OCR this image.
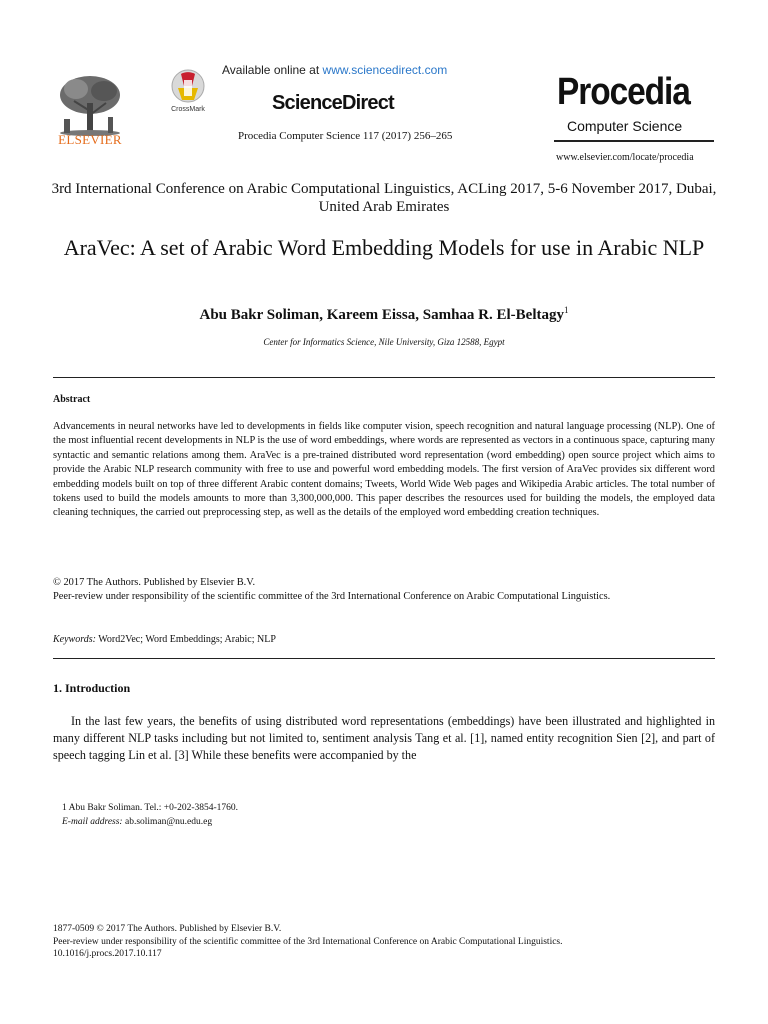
ELSEVIER
CrossMark
Available online at www.sciencedirect.com
ScienceDirect
Procedia Computer Science 117 (2017) 256–265
Procedia
Computer Science
www.elsevier.com/locate/procedia
3rd International Conference on Arabic Computational Linguistics, ACLing 2017, 5-6 November 2017, Dubai, United Arab Emirates
AraVec: A set of Arabic Word Embedding Models for use in Arabic NLP
Abu Bakr Soliman, Kareem Eissa, Samhaa R. El-Beltagy$^1$
Center for Informatics Science, Nile University, Giza 12588, Egypt
Abstract
Advancements in neural networks have led to developments in fields like computer vision, speech recognition and natural language processing (NLP). One of the most influential recent developments in NLP is the use of word embeddings, where words are represented as vectors in a continuous space, capturing many syntactic and semantic relations among them. AraVec is a pre-trained distributed word representation (word embedding) open source project which aims to provide the Arabic NLP research community with free to use and powerful word embedding models. The first version of AraVec provides six different word embedding models built on top of three different Arabic content domains; Tweets, World Wide Web pages and Wikipedia Arabic articles. The total number of tokens used to build the models amounts to more than 3,300,000,000. This paper describes the resources used for building the models, the employed data cleaning techniques, the carried out preprocessing step, as well as the details of the employed word embedding creation techniques.
© 2017 The Authors. Published by Elsevier B.V.
Peer-review under responsibility of the scientific committee of the 3rd International Conference on Arabic Computational Linguistics.
Keywords: Word2Vec; Word Embeddings; Arabic; NLP
1. Introduction
In the last few years, the benefits of using distributed word representations (embeddings) have been illustrated and highlighted in many different NLP tasks including but not limited to, sentiment analysis Tang et al. [1], named entity recognition Sien [2], and part of speech tagging Lin et al. [3] While these benefits were accompanied by the
1 Abu Bakr Soliman. Tel.: +0-202-3854-1760.
E-mail address: ab.soliman@nu.edu.eg
1877-0509 © 2017 The Authors. Published by Elsevier B.V.
Peer-review under responsibility of the scientific committee of the 3rd International Conference on Arabic Computational Linguistics.
10.1016/j.procs.2017.10.117
